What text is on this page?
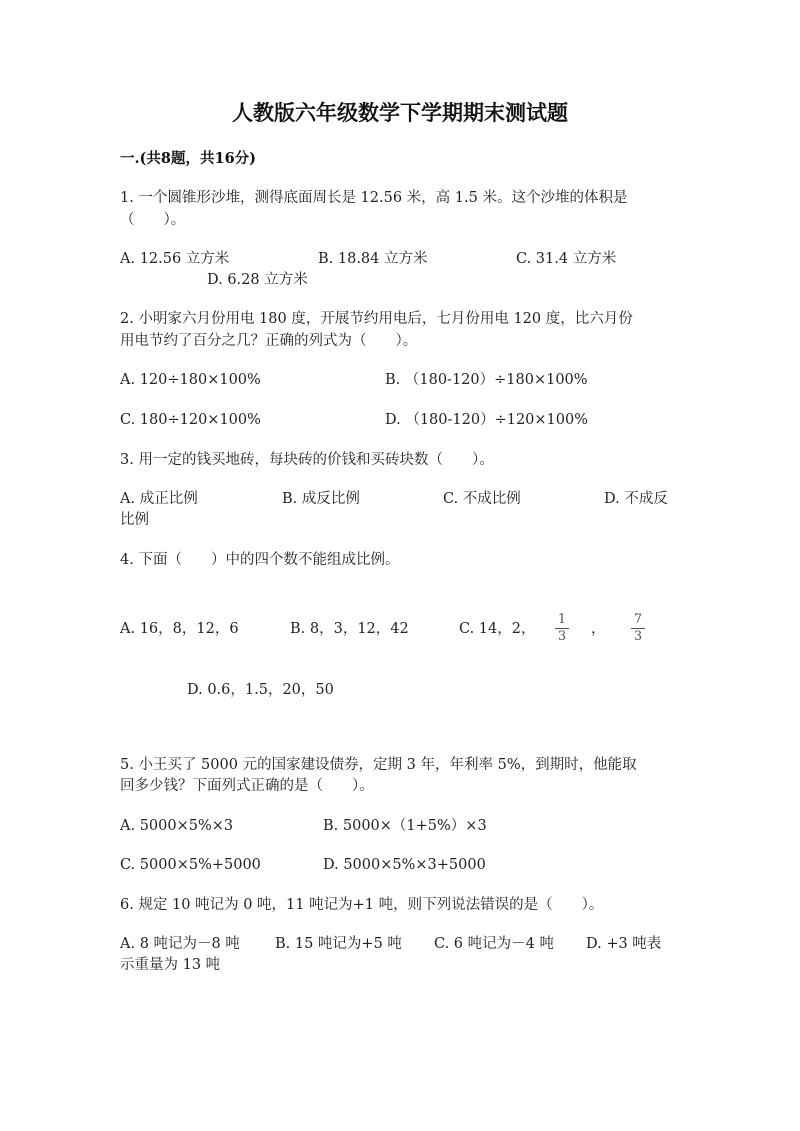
人教版六年级数学下学期期末测试题
一.(共8题，共16分)
1. 一个圆锥形沙堆，测得底面周长是 12.56 米，高 1.5 米。这个沙堆的体积是
（　　）。
A. 12.56 立方米	B. 18.84 立方米	C. 31.4 立方米
D. 6.28 立方米
2. 小明家六月份用电 180 度，开展节约用电后，七月份用电 120 度，比六月份
用电节约了百分之几？正确的列式为（　　）。
A. 120÷180×100%	B. （180-120）÷180×100%
C. 180÷120×100%	D. （180-120）÷120×100%
3. 用一定的钱买地砖，每块砖的价钱和买砖块数（　　）。
A. 成正比例	B. 成反比例	C. 不成比例	D. 不成反
比例
4. 下面（　　）中的四个数不能组成比例。
A. 16，8，12，6	B. 8，3，12，42	C. 14，2，
1
3 ，
7
3
D. 0.6，1.5，20，50
5. 小王买了 5000 元的国家建设债券，定期 3 年，年利率 5%，到期时，他能取
回多少钱？下面列式正确的是（　　）。
A. 5000×5%×3	B. 5000×（1+5%）×3
C. 5000×5%+5000	D. 5000×5%×3+5000
6. 规定 10 吨记为 0 吨，11 吨记为+1 吨，则下列说法错误的是（　　）。
A. 8 吨记为－8 吨 B. 15 吨记为+5 吨 C. 6 吨记为－4 吨 D. +3 吨表
示重量为 13 吨
